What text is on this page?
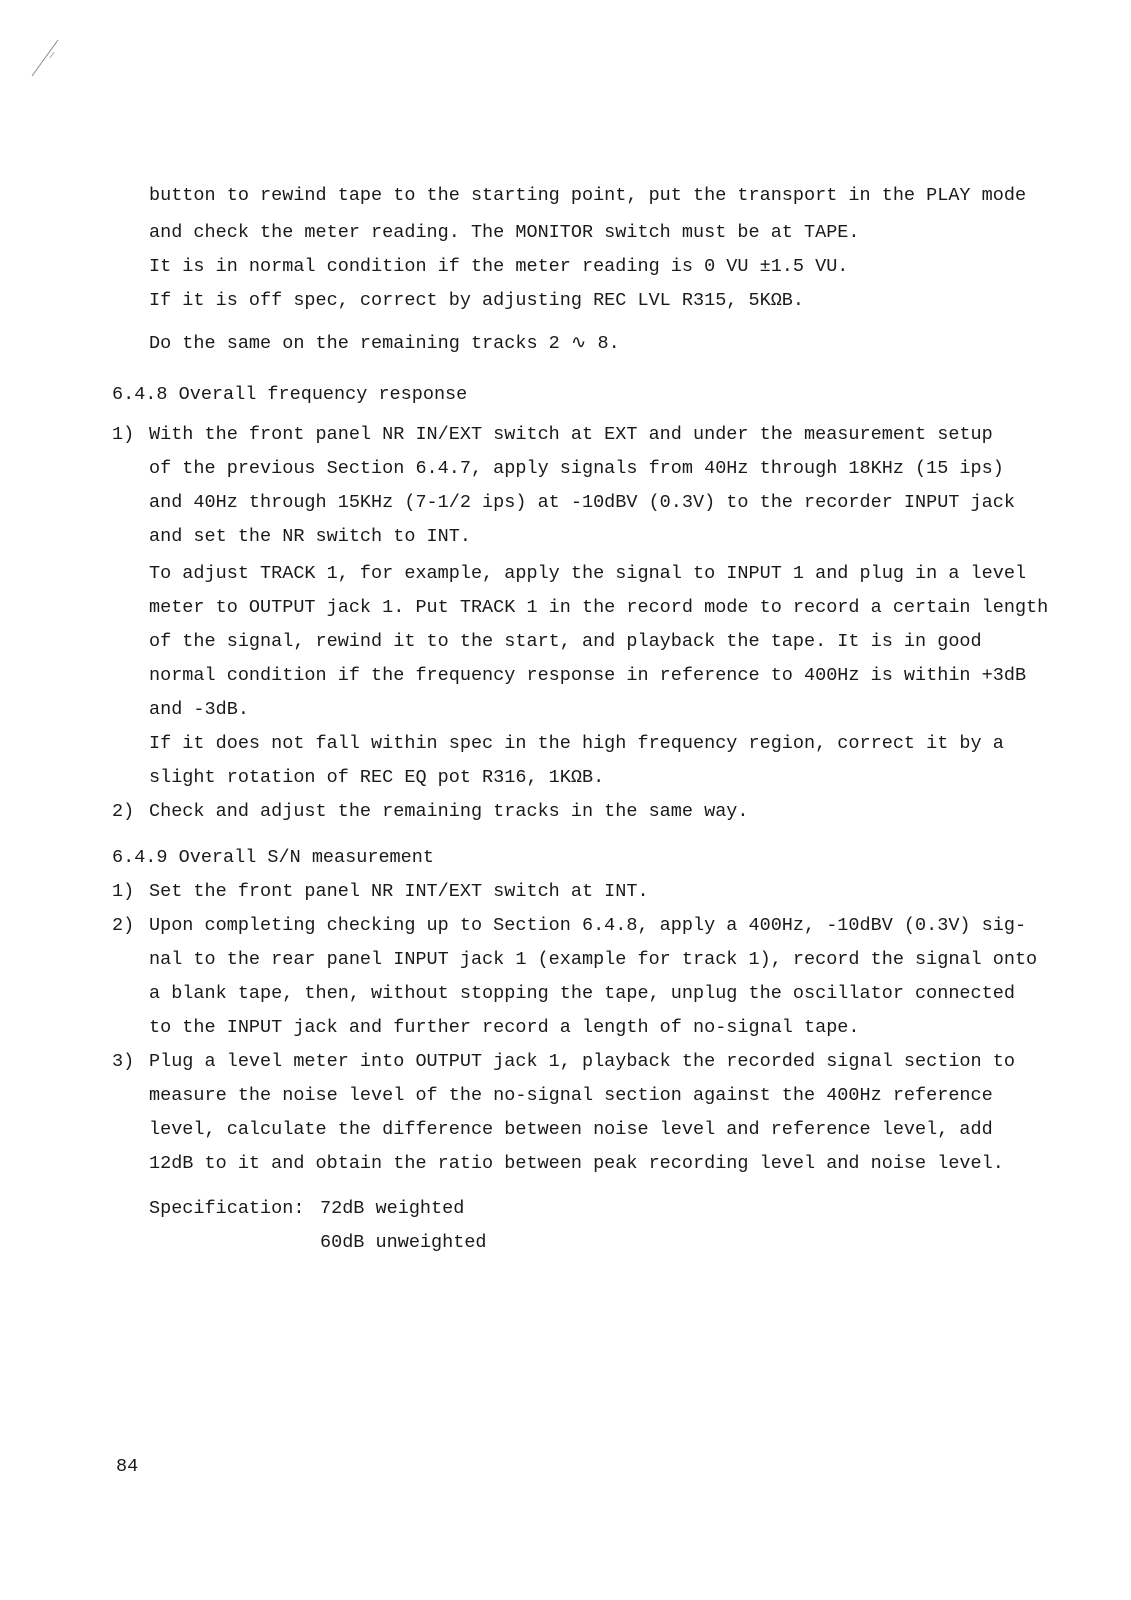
button to rewind tape to the starting point, put the transport in the PLAY mode
and check the meter reading. The MONITOR switch must be at TAPE.
It is in normal condition if the meter reading is 0 VU ±1.5 VU.
If it is off spec, correct by adjusting REC LVL R315, 5KΩB.
Do the same on the remaining tracks 2 ∿ 8.
6.4.8 Overall frequency response
1) With the front panel NR IN/EXT switch at EXT and under the measurement setup
of the previous Section 6.4.7, apply signals from 40Hz through 18KHz (15 ips)
and 40Hz through 15KHz (7-1/2 ips) at -10dBV (0.3V) to the recorder INPUT jack
and set the NR switch to INT.
To adjust TRACK 1, for example, apply the signal to INPUT 1 and plug in a level
meter to OUTPUT jack 1. Put TRACK 1 in the record mode to record a certain length
of the signal, rewind it to the start, and playback the tape. It is in good
normal condition if the frequency response in reference to 400Hz is within +3dB
and -3dB.
If it does not fall within spec in the high frequency region, correct it by a
slight rotation of REC EQ pot R316, 1KΩB.
2) Check and adjust the remaining tracks in the same way.
6.4.9 Overall S/N measurement
1) Set the front panel NR INT/EXT switch at INT.
2) Upon completing checking up to Section 6.4.8, apply a 400Hz, -10dBV (0.3V) sig-
nal to the rear panel INPUT jack 1 (example for track 1), record the signal onto
a blank tape, then, without stopping the tape, unplug the oscillator connected
to the INPUT jack and further record a length of no-signal tape.
3) Plug a level meter into OUTPUT jack 1, playback the recorded signal section to
measure the noise level of the no-signal section against the 400Hz reference
level, calculate the difference between noise level and reference level, add
12dB to it and obtain the ratio between peak recording level and noise level.
Specification: 72dB weighted
60dB unweighted
84
